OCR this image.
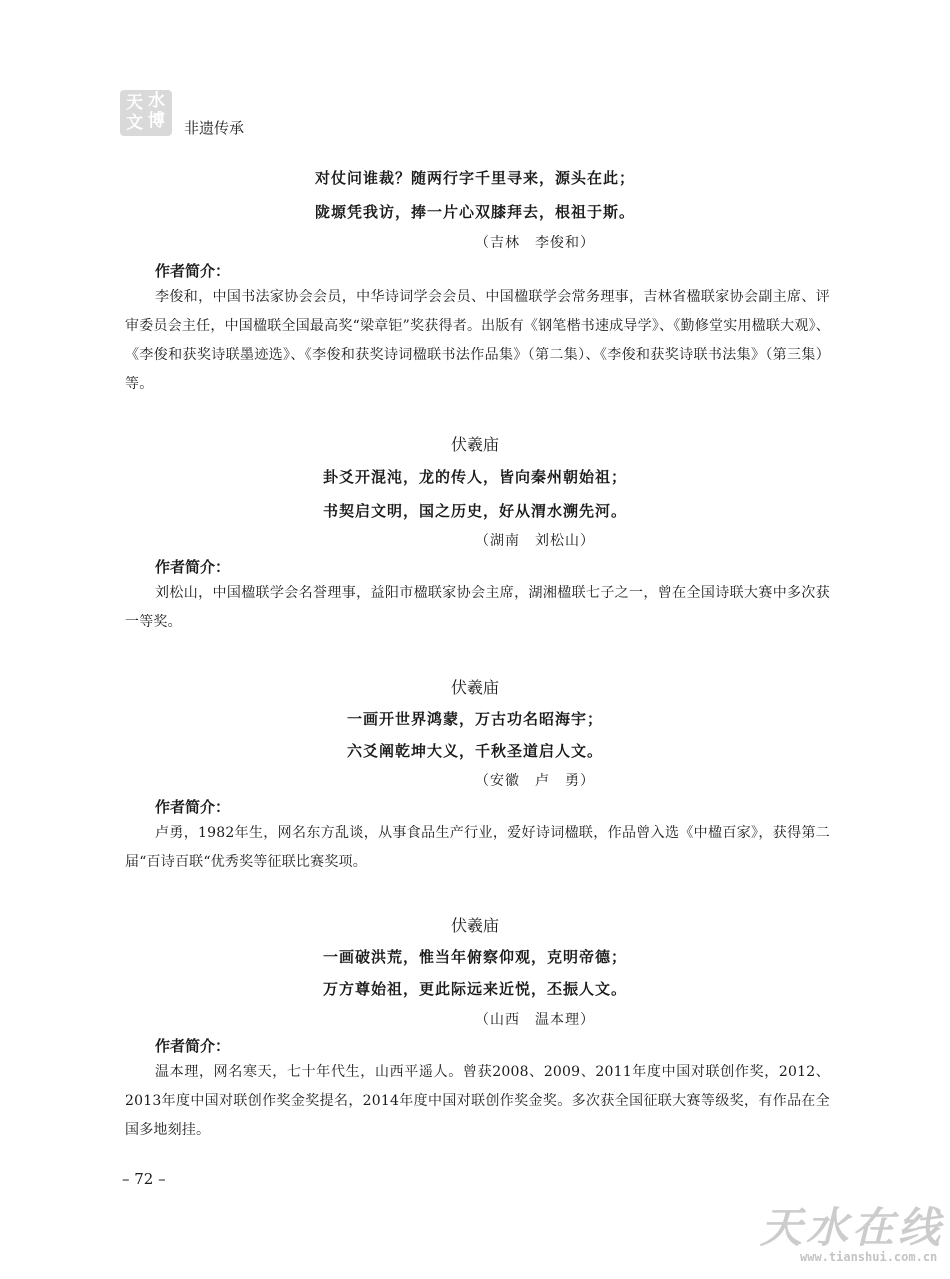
天 水
文 博 非遗传承
对仗问谁裁？随两行字千里寻来，源头在此；
陇塬凭我访，捧一片心双膝拜去，根祖于斯。
（吉林　李俊和）
作者简介：
李俊和，中国书法家协会会员，中华诗词学会会员、中国楹联学会常务理事，吉林省楹联家协会副主席、评审委员会主任，中国楹联全国最高奖“梁章钜”奖获得者。出版有《钢笔楷书速成导学》、《勤修堂实用楹联大观》、《李俊和获奖诗联墨迹选》、《李俊和获奖诗词楹联书法作品集》（第二集）、《李俊和获奖诗联书法集》（第三集）等。
伏羲庙
卦爻开混沌，龙的传人，皆向秦州朝始祖；
书契启文明，国之历史，好从渭水溯先河。
（湖南　刘松山）
作者简介：
刘松山，中国楹联学会名誉理事，益阳市楹联家协会主席，湖湘楹联七子之一，曾在全国诗联大赛中多次获一等奖。
伏羲庙
一画开世界鸿蒙，万古功名昭海宇；
六爻阐乾坤大义，千秋圣道启人文。
（安徽　卢　勇）
作者简介：
卢勇，1982年生，网名东方乱谈，从事食品生产行业，爱好诗词楹联，作品曾入选《中楹百家》，获得第二届“百诗百联“优秀奖等征联比赛奖项。
伏羲庙
一画破洪荒，惟当年俯察仰观，克明帝德；
万方尊始祖，更此际远来近悦，丕振人文。
（山西　温本理）
作者简介：
温本理，网名寒天，七十年代生，山西平遥人。曾获2008、2009、2011年度中国对联创作奖，2012、2013年度中国对联创作奖金奖提名，2014年度中国对联创作奖金奖。多次获全国征联大赛等级奖，有作品在全国多地刻挂。
– 72 –
天水在线
www.tianshui.com.cn
